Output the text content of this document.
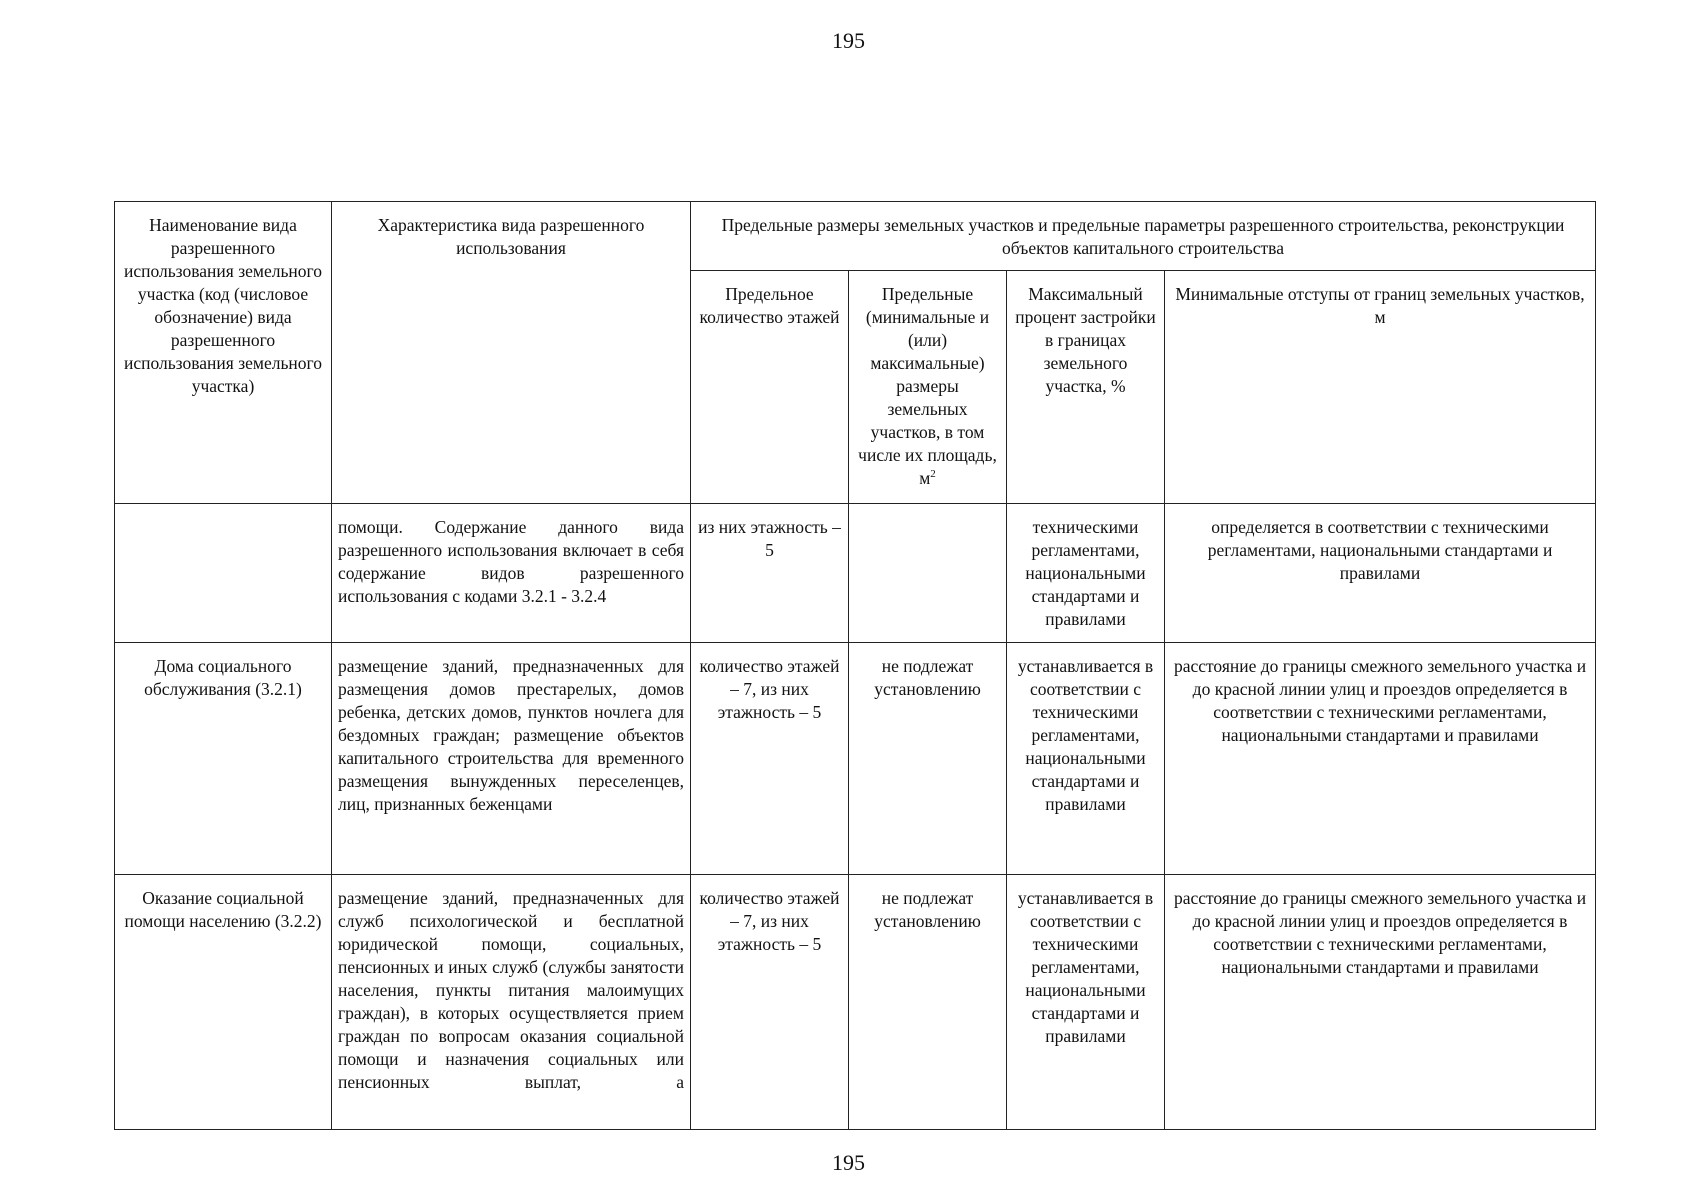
195
Наименование вида разрешенного использования земельного участка (код (числовое обозначение) вида разрешенного использования земельного участка)	Характеристика вида разрешенного использования	Предельные размеры земельных участков и предельные параметры разрешенного строительства, реконструкции объектов капитального строительства			
		Предельное количество этажей	Предельные (минимальные и (или) максимальные) размеры земельных участков, в том числе их площадь, $м^2$	Максимальный процент застройки в границах земельного участка, %	Минимальные отступы от границ земельных участков, м
	помощи. Содержание данного вида разрешенного использования включает в себя содержание видов разрешенного использования с кодами 3.2.1 - 3.2.4	из них этажность – 5		техническими регламентами, национальными стандартами и правилами	определяется в соответствии с техническими регламентами, национальными стандартами и правилами
Дома социального обслуживания (3.2.1)	размещение зданий, предназначенных для размещения домов престарелых, домов ребенка, детских домов, пунктов ночлега для бездомных граждан; размещение объектов капитального строительства для временного размещения вынужденных переселенцев, лиц, признанных беженцами	количество этажей – 7, из них этажность – 5	не подлежат установлению	устанавливается в соответствии с техническими регламентами, национальными стандартами и правилами	расстояние до границы смежного земельного участка и до красной линии улиц и проездов определяется в соответствии с техническими регламентами, национальными стандартами и правилами
Оказание социальной помощи населению (3.2.2)	размещение зданий, предназначенных для служб психологической и бесплатной юридической помощи, социальных, пенсионных и иных служб (службы занятости населения, пункты питания малоимущих граждан), в которых осуществляется прием граждан по вопросам оказания социальной помощи и назначения социальных или пенсионных выплат, а	количество этажей – 7, из них этажность – 5	не подлежат установлению	устанавливается в соответствии с техническими регламентами, национальными стандартами и правилами	расстояние до границы смежного земельного участка и до красной линии улиц и проездов определяется в соответствии с техническими регламентами, национальными стандартами и правилами
195
